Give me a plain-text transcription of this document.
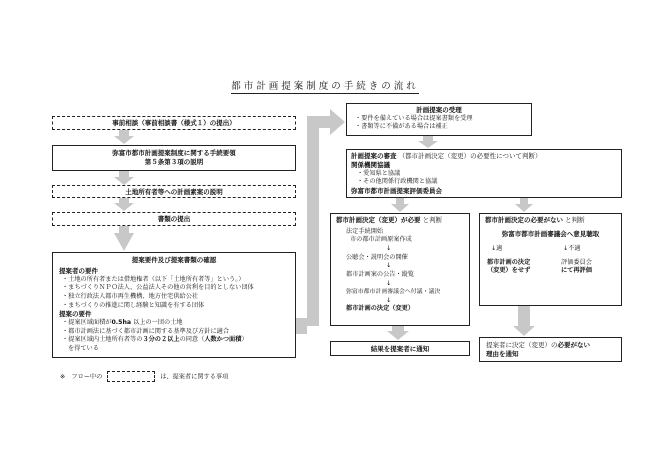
都市計画提案制度の手続きの流れ
事前相談（事前相談書（様式１）の提出）
弥富市都市計画提案制度に関する手続要領
第５条第３項の説明
土地所有者等への計画素案の説明
書類の提出
提案要件及び提案書類の確認
提案者の要件
・土地の所有者または借地権者（以下「土地所有者等」という。）
・まちづくりＮＰＯ法人、公益法人その他の営利を目的としない団体
・独立行政法人都市再生機構、地方住宅供給公社
・まちづくりの推進に関し経験と知識を有する団体
提案の要件
・提案区域面積が0.5ha 以上の一団の土地
・都市計画法に基づく都市計画に関する基準及び方針に適合
・提案区域内土地所有者等の３分の２以上の同意（人数かつ面積）
を得ている
※　フロー中の	は、提案者に関する事項
計画提案の受理
・要件を備えている場合は提案書類を受理
・書類等に不備がある場合は補正
計画提案の審査 （都市計画決定（変更）の必要性について判断）
関係機関協議
・愛知県と協議
・その他関係行政機関と協議
弥富市都市計画提案評価委員会
都市計画決定（変更）が必要 と判断
法定手続開始
市の都市計画原案作成
↓
公聴会・説明会の開催
↓
都市計画案の公告・縦覧
↓
弥富市都市計画審議会へ付議・議決
↓
都市計画の決定（変更）
結果を提案者に通知
都市計画決定の必要がない と判断
弥富市都市計画審議会へ意見聴取
↓適	↓不適
都市計画の決定
（変更）をせず
評価委員会
にて再評価
提案者に決定（変更）の必要がない
理由を通知
